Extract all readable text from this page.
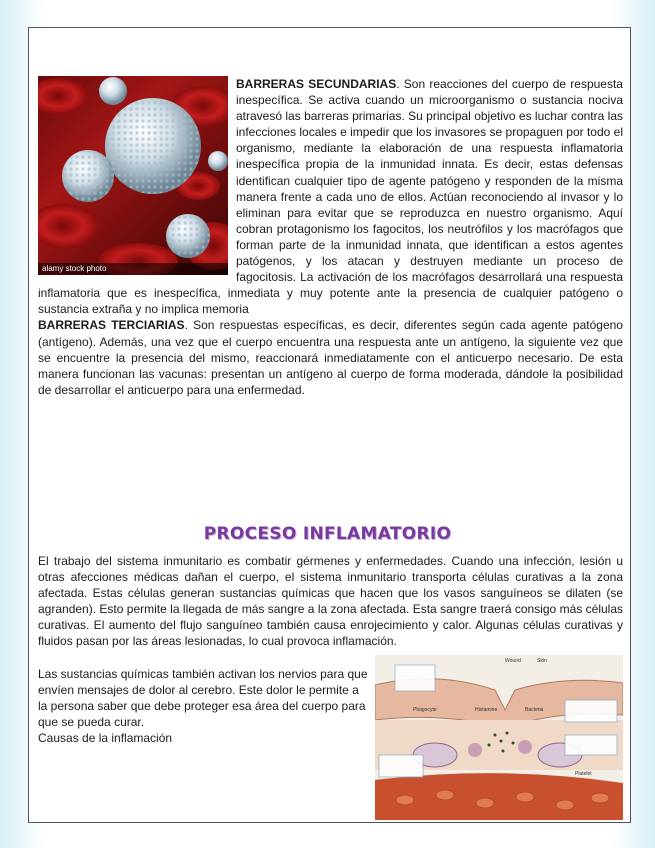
alamy stock photo

BARRERAS SECUNDARIAS. Son reacciones del cuerpo de respuesta inespecífica. Se activa cuando un microorganismo o sustancia nociva atravesó las barreras primarias. Su principal objetivo es luchar contra las infecciones locales e impedir que los invasores se propaguen por todo el organismo, mediante la elaboración de una respuesta inflamatoria inespecífica propia de la inmunidad innata. Es decir, estas defensas identifican cualquier tipo de agente patógeno y responden de la misma manera frente a cada uno de ellos. Actúan reconociendo al invasor y lo eliminan para evitar que se reproduzca en nuestro organismo. Aquí cobran protagonismo los fagocitos, los neutrófilos y los macrófagos que forman parte de la inmunidad innata, que identifican a estos agentes patógenos, y los atacan y destruyen mediante un proceso de fagocitosis. La activación de los macrófagos desarrollará una respuesta inflamatoria que es inespecífica, inmediata y muy potente ante la presencia de cualquier patógeno o sustancia extraña y no implica memoria

BARRERAS TERCIARIAS. Son respuestas específicas, es decir, diferentes según cada agente patógeno (antígeno). Además, una vez que el cuerpo encuentra una respuesta ante un antígeno, la siguiente vez que se encuentre la presencia del mismo, reaccionará inmediatamente con el anticuerpo necesario. De esta manera funcionan las vacunas: presentan un antígeno al cuerpo de forma moderada, dándole la posibilidad de desarrollar el anticuerpo para una enfermedad.

PROCESO INFLAMATORIO
El trabajo del sistema inmunitario es combatir gérmenes y enfermedades. Cuando una infección, lesión u otras afecciones médicas dañan el cuerpo, el sistema inmunitario transporta células curativas a la zona afectada. Estas células generan sustancias químicas que hacen que los vasos sanguíneos se dilaten (se agranden). Esto permite la llegada de más sangre a la zona afectada. Esta sangre traerá consigo más células curativas. El aumento del flujo sanguíneo también causa enrojecimiento y calor. Algunas células curativas y fluidos pasan por las áreas lesionadas, lo cual provoca inflamación.

Las sustancias químicas también activan los nervios para que envíen mensajes de dolor al cerebro. Este dolor le permite a la persona saber que debe proteger esa área del cuerpo para que se pueda curar.

Causas de la inflamación

Wound	Skin
Phagocyte	Bacteria
Histamine
Platelet
